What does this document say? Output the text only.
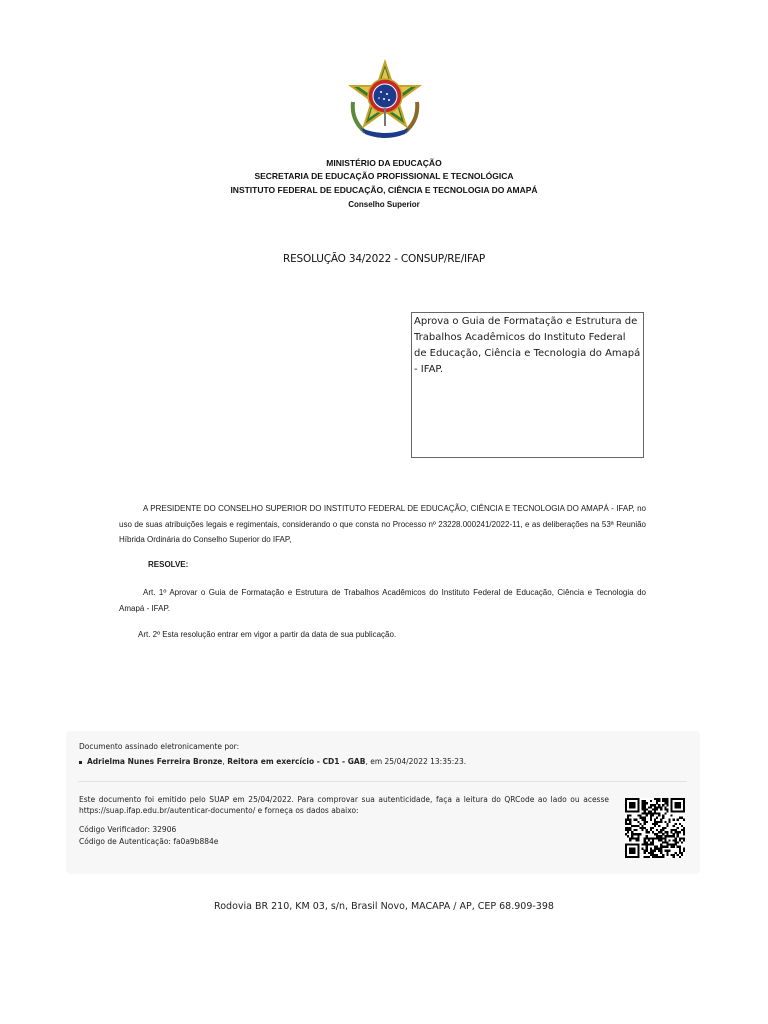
MINISTÉRIO DA EDUCAÇÃO
SECRETARIA DE EDUCAÇÃO PROFISSIONAL E TECNOLÓGICA
INSTITUTO FEDERAL DE EDUCAÇÃO, CIÊNCIA E TECNOLOGIA DO AMAPÁ
Conselho Superior
RESOLUÇÃO 34/2022 - CONSUP/RE/IFAP
Aprova o Guia de Formatação e Estrutura de Trabalhos Acadêmicos do Instituto Federal de Educação, Ciência e Tecnologia do Amapá - IFAP.
A PRESIDENTE DO CONSELHO SUPERIOR DO INSTITUTO FEDERAL DE EDUCAÇÃO, CIÊNCIA E TECNOLOGIA DO AMAPÁ - IFAP, no uso de suas atribuições legais e regimentais, considerando o que consta no Processo nº 23228.000241/2022-11, e as deliberações na 53ª Reunião Híbrida Ordinária do Conselho Superior do IFAP,
RESOLVE:
Art. 1º Aprovar o Guia de Formatação e Estrutura de Trabalhos Acadêmicos do Instituto Federal de Educação, Ciência e Tecnologia do Amapá - IFAP.
Art. 2º Esta resolução entrar em vigor a partir da data de sua publicação.
Documento assinado eletronicamente por:
Adrielma Nunes Ferreira Bronze, Reitora em exercício - CD1 - GAB, em 25/04/2022 13:35:23.
Este documento foi emitido pelo SUAP em 25/04/2022. Para comprovar sua autenticidade, faça a leitura do QRCode ao lado ou acesse https://suap.ifap.edu.br/autenticar-documento/ e forneça os dados abaixo:
Código Verificador: 32906
Código de Autenticação: fa0a9b884e
Rodovia BR 210, KM 03, s/n, Brasil Novo, MACAPA / AP, CEP 68.909-398
